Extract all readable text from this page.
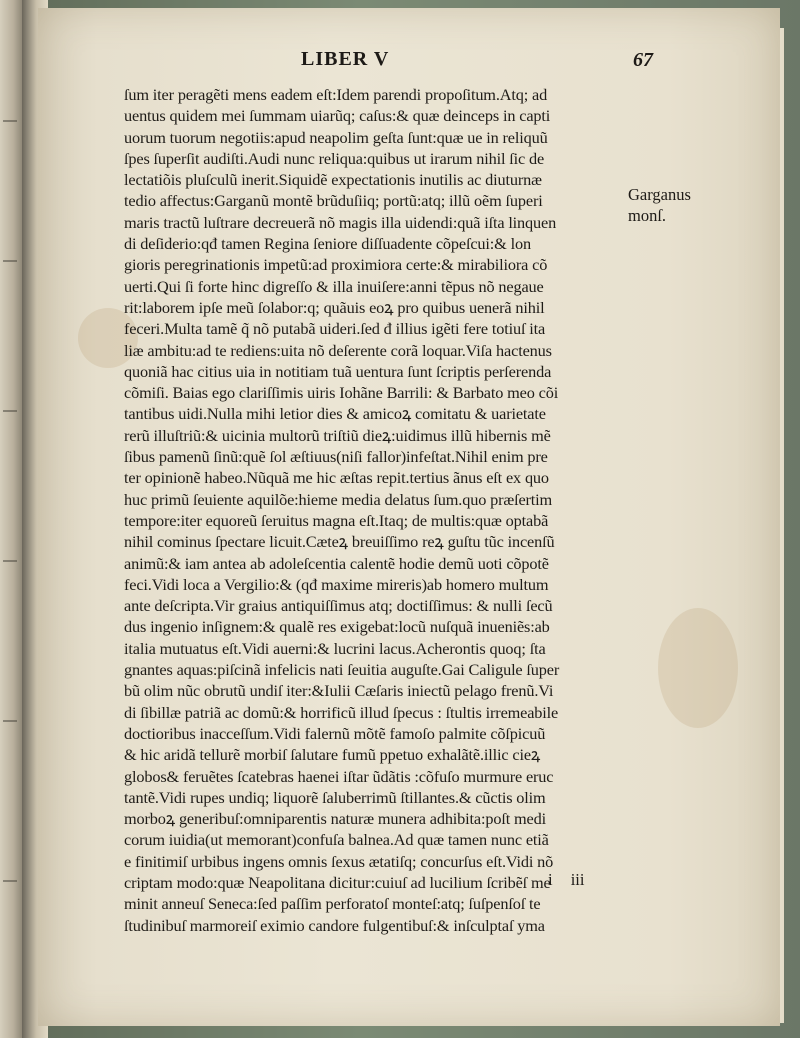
LIBER V	67
ſum iter peragẽti mens eadem eſt:Idem parendi propoſitum.Atq; ad
uentus quidem mei ſummam uiarũq; caſus:& quæ deinceps in capti
uorum tuorum negotiis:apud neapolim geſta ſunt:quæ ue in reliquũ
ſpes ſuperſit audiſti.Audi nunc reliqua:quibus ut irarum nihil ſic de
lectatiõis pluſculũ inerit.Siquidẽ expectationis inutilis ac diuturnæ
tedio affectus:Garganũ montẽ brũduſiiq; portũ:atq; illũ oẽm ſuperi
maris tractũ luſtrare decreuerã nõ magis illa uidendi:quã iſta linquen
di deſiderio:qđ tamen Regina ſeniore diſſuadente cõpeſcui:& lon
gioris peregrinationis impetũ:ad proximiora certe:& mirabiliora cõ
uerti.Qui ſi forte hinc digreſſo & illa inuiſere:anni tẽpus nõ negaue
rit:laborem ipſe meũ ſolabor:q; quãuis eoꝝ pro quibus uenerã nihil
feceri.Multa tamẽ q̃ nõ putabã uideri.ſed đ illius igẽti fere totiuſ ita
liæ ambitu:ad te rediens:uita nõ deſerente corã loquar.Viſa hactenus
quoniã hac citius uia in notitiam tuã uentura ſunt ſcriptis perſerenda
cõmiſi. Baias ego clariſſimis uiris Iohãne Barrili: & Barbato meo cõi
tantibus uidi.Nulla mihi letior dies & amicoꝝ comitatu & uarietate
rerũ illuſtriũ:& uicinia multorũ triſtiũ dieꝝ:uidimus illũ hibernis mẽ
ſibus pamenũ ſinũ:quẽ ſol æſtiuus(niſi fallor)infeſtat.Nihil enim pre
ter opinionẽ habeo.Nũquã me hic æſtas repit.tertius ãnus eſt ex quo
huc primũ ſeuiente aquilõe:hieme media delatus ſum.quo præſertim
tempore:iter equoreũ ſeruitus magna eſt.Itaq; de multis:quæ optabã
nihil cominus ſpectare licuit.Cæteꝝ breuiſſimo reꝝ guſtu tũc incenſũ
animũ:& iam antea ab adoleſcentia calentẽ hodie demũ uoti cõpotẽ
feci.Vidi loca a Vergilio:& (qđ maxime mireris)ab homero multum
ante deſcripta.Vir graius antiquiſſimus atq; doctiſſimus: & nulli ſecũ
dus ingenio inſignem:& qualẽ res exigebat:locũ nuſquã inueniẽs:ab
italia mutuatus eſt.Vidi auerni:& lucrini lacus.Acherontis quoq; ſta
gnantes aquas:piſcinã infelicis nati ſeuitia auguſte.Gai Caligule ſuper
bũ olim nũc obrutũ undiſ iter:&Iulii Cæſaris iniectũ pelago frenũ.Vi
di ſibillæ patriã ac domũ:& horrificũ illud ſpecus : ſtultis irremeabile
doctioribus inacceſſum.Vidi falernũ mõtẽ famoſo palmite cõſpicuũ
& hic aridã tellurẽ morbiſ ſalutare fumũ ppetuo exhalãtẽ.illic cieꝝ
globos& feruẽtes ſcatebras haenei iſtar ũdãtis :cõfuſo murmure eruc
tantẽ.Vidi rupes undiq; liquorẽ ſaluberrimũ ſtillantes.& cũctis olim
morboꝝ generibuſ:omniparentis naturæ munera adhibita:poſt medi
corum iuidia(ut memorant)confuſa balnea.Ad quæ tamen nunc etiã
e finitimiſ urbibus ingens omnis ſexus ætatiſq; concurſus eſt.Vidi nõ
criptam modo:quæ Neapolitana dicitur:cuiuſ ad lucilium ſcribẽſ me
minit anneuſ Seneca:ſed paſſim perforatoſ monteſ:atq; ſuſpenſoſ te
ſtudinibuſ marmoreiſ eximio candore fulgentibuſ:& inſculptaſ yma
Garganus
monſ.
i iii
